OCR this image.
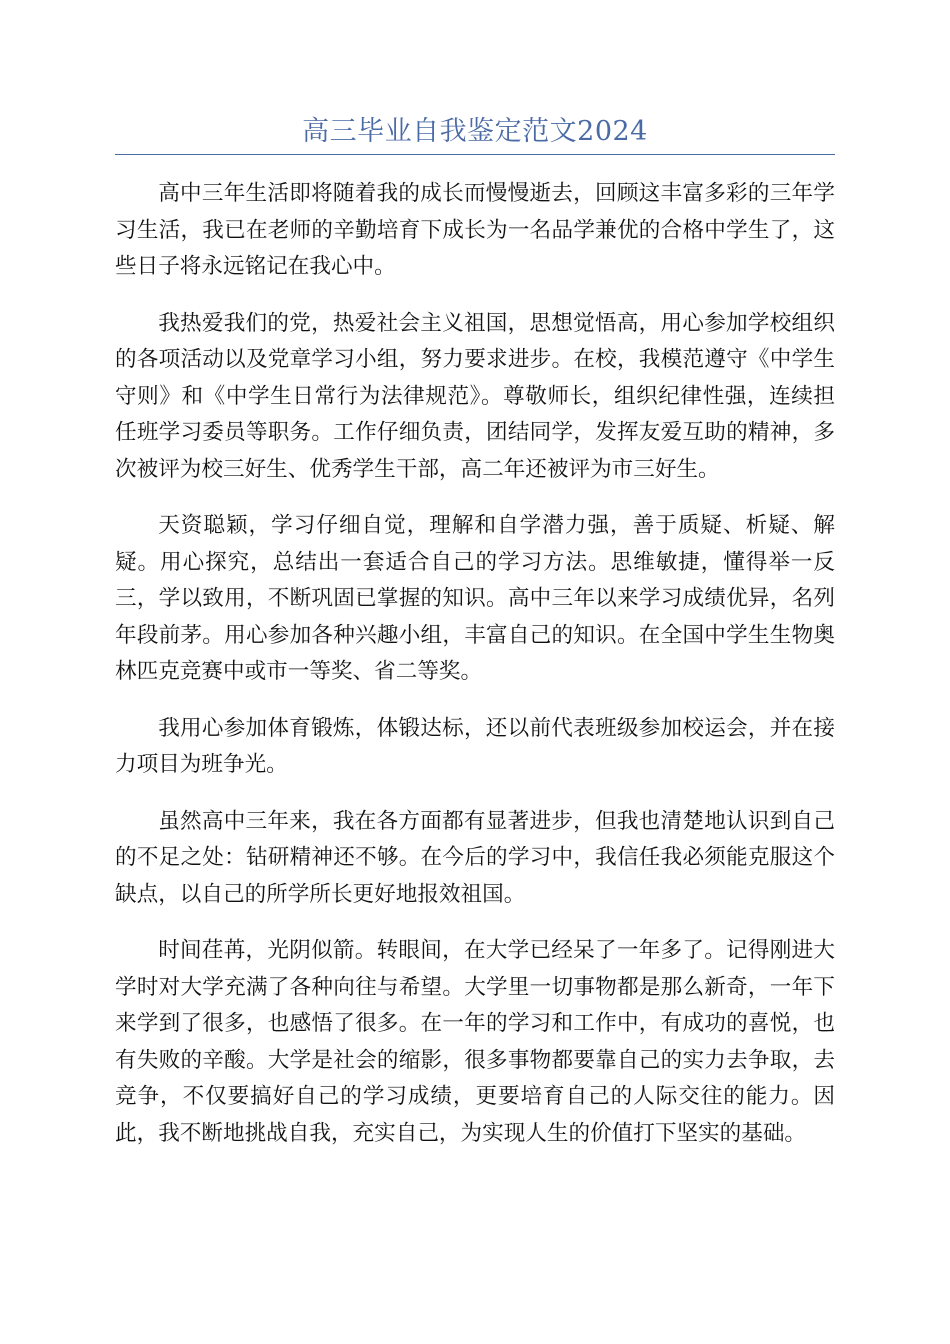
高三毕业自我鉴定范文2024

高中三年生活即将随着我的成长而慢慢逝去，回顾这丰富多彩的三年学习生活，我已在老师的辛勤培育下成长为一名品学兼优的合格中学生了，这些日子将永远铭记在我心中。

我热爱我们的党，热爱社会主义祖国，思想觉悟高，用心参加学校组织的各项活动以及党章学习小组，努力要求进步。在校，我模范遵守《中学生守则》和《中学生日常行为法律规范》。尊敬师长，组织纪律性强，连续担任班学习委员等职务。工作仔细负责，团结同学，发挥友爱互助的精神，多次被评为校三好生、优秀学生干部，高二年还被评为市三好生。

天资聪颖，学习仔细自觉，理解和自学潜力强，善于质疑、析疑、解疑。用心探究，总结出一套适合自己的学习方法。思维敏捷，懂得举一反三，学以致用，不断巩固已掌握的知识。高中三年以来学习成绩优异，名列年段前茅。用心参加各种兴趣小组，丰富自己的知识。在全国中学生生物奥林匹克竞赛中或市一等奖、省二等奖。

我用心参加体育锻炼，体锻达标，还以前代表班级参加校运会，并在接力项目为班争光。

虽然高中三年来，我在各方面都有显著进步，但我也清楚地认识到自己的不足之处：钻研精神还不够。在今后的学习中，我信任我必须能克服这个缺点，以自己的所学所长更好地报效祖国。

时间荏苒，光阴似箭。转眼间，在大学已经呆了一年多了。记得刚进大学时对大学充满了各种向往与希望。大学里一切事物都是那么新奇，一年下来学到了很多，也感悟了很多。在一年的学习和工作中，有成功的喜悦，也有失败的辛酸。大学是社会的缩影，很多事物都要靠自己的实力去争取，去竞争，不仅要搞好自己的学习成绩，更要培育自己的人际交往的能力。因此，我不断地挑战自我，充实自己，为实现人生的价值打下坚实的基础。
